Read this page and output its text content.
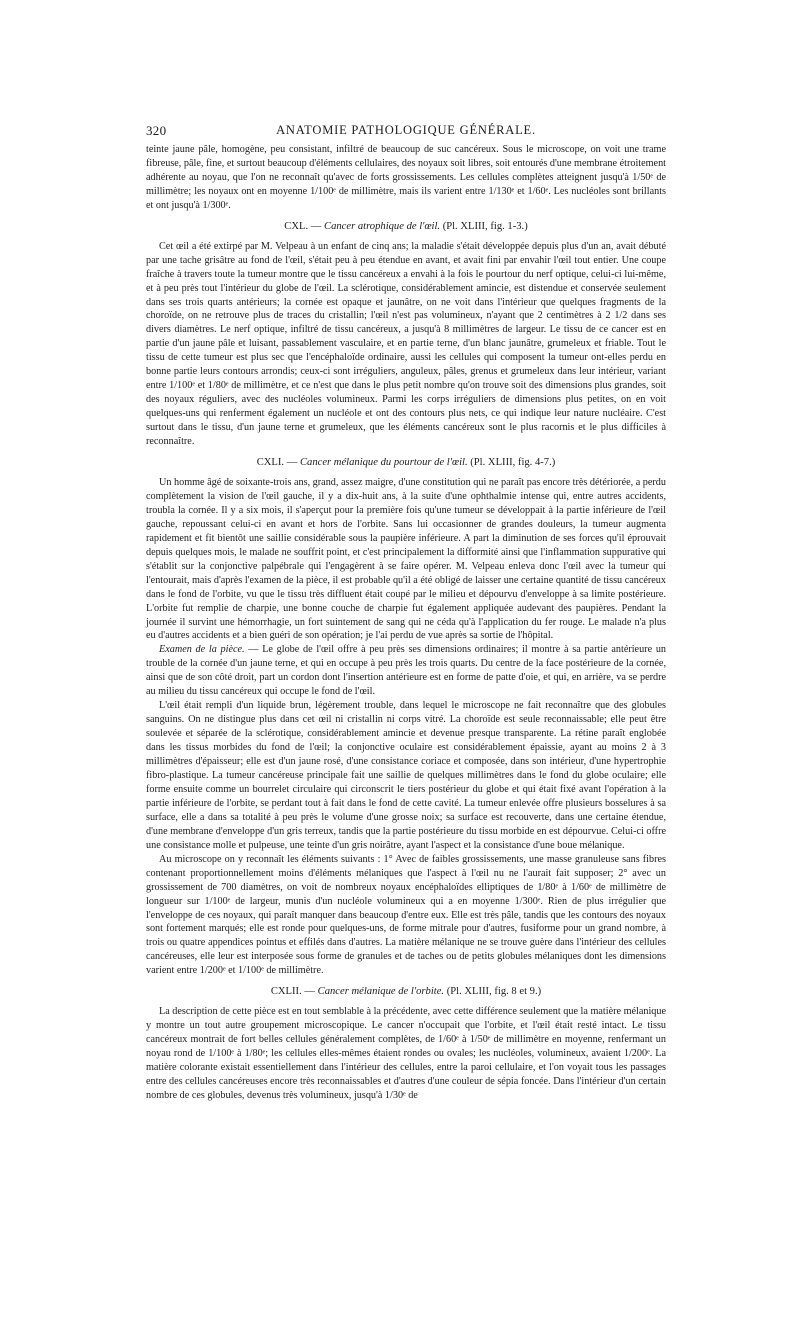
320	ANATOMIE PATHOLOGIQUE GÉNÉRALE.

teinte jaune pâle, homogène, peu consistant, infiltré de beaucoup de suc cancéreux. Sous le microscope, on voit une trame fibreuse, pâle, fine, et surtout beaucoup d'éléments cellulaires, des noyaux soit libres, soit entourés d'une membrane étroitement adhérente au noyau, que l'on ne reconnaît qu'avec de forts grossissements. Les cellules complètes atteignent jusqu'à 1/50ᵉ de millimètre; les noyaux ont en moyenne 1/100ᵉ de millimètre, mais ils varient entre 1/130ᵉ et 1/60ᵉ. Les nucléoles sont brillants et ont jusqu'à 1/300ᵉ.

CXL. — Cancer atrophique de l'œil. (Pl. XLIII, fig. 1-3.)

Cet œil a été extirpé par M. Velpeau à un enfant de cinq ans; la maladie s'était développée depuis plus d'un an, avait débuté par une tache grisâtre au fond de l'œil, s'était peu à peu étendue en avant, et avait fini par envahir l'œil tout entier. Une coupe fraîche à travers toute la tumeur montre que le tissu cancéreux a envahi à la fois le pourtour du nerf optique, celui-ci lui-même, et à peu près tout l'intérieur du globe de l'œil. La sclérotique, considérablement amincie, est distendue et conservée seulement dans ses trois quarts antérieurs; la cornée est opaque et jaunâtre, on ne voit dans l'intérieur que quelques fragments de la choroïde, on ne retrouve plus de traces du cristallin; l'œil n'est pas volumineux, n'ayant que 2 centimètres à 2 1/2 dans ses divers diamètres. Le nerf optique, infiltré de tissu cancéreux, a jusqu'à 8 millimètres de largeur. Le tissu de ce cancer est en partie d'un jaune pâle et luisant, passablement vasculaire, et en partie terne, d'un blanc jaunâtre, grumeleux et friable. Tout le tissu de cette tumeur est plus sec que l'encéphaloïde ordinaire, aussi les cellules qui composent la tumeur ont-elles perdu en bonne partie leurs contours arrondis; ceux-ci sont irréguliers, anguleux, pâles, grenus et grumeleux dans leur intérieur, variant entre 1/100ᵉ et 1/80ᵉ de millimètre, et ce n'est que dans le plus petit nombre qu'on trouve soit des dimensions plus grandes, soit des noyaux réguliers, avec des nucléoles volumineux. Parmi les corps irréguliers de dimensions plus petites, on en voit quelques-uns qui renferment également un nucléole et ont des contours plus nets, ce qui indique leur nature nucléaire. C'est surtout dans le tissu, d'un jaune terne et grumeleux, que les éléments cancéreux sont le plus racornis et le plus difficiles à reconnaître.

CXLI. — Cancer mélanique du pourtour de l'œil. (Pl. XLIII, fig. 4-7.)

Un homme âgé de soixante-trois ans, grand, assez maigre, d'une constitution qui ne paraît pas encore très détériorée, a perdu complètement la vision de l'œil gauche, il y a dix-huit ans, à la suite d'une ophthalmie intense qui, entre autres accidents, troubla la cornée. Il y a six mois, il s'aperçut pour la première fois qu'une tumeur se développait à la partie inférieure de l'œil gauche, repoussant celui-ci en avant et hors de l'orbite. Sans lui occasionner de grandes douleurs, la tumeur augmenta rapidement et fit bientôt une saillie considérable sous la paupière inférieure. A part la diminution de ses forces qu'il éprouvait depuis quelques mois, le malade ne souffrit point, et c'est principalement la difformité ainsi que l'inflammation suppurative qui s'établit sur la conjonctive palpébrale qui l'engagèrent à se faire opérer. M. Velpeau enleva donc l'œil avec la tumeur qui l'entourait, mais d'après l'examen de la pièce, il est probable qu'il a été obligé de laisser une certaine quantité de tissu cancéreux dans le fond de l'orbite, vu que le tissu très diffluent était coupé par le milieu et dépourvu d'enveloppe à sa limite postérieure. L'orbite fut remplie de charpie, une bonne couche de charpie fut également appliquée audevant des paupières. Pendant la journée il survint une hémorrhagie, un fort suintement de sang qui ne céda qu'à l'application du fer rouge. Le malade n'a plus eu d'autres accidents et a bien guéri de son opération; je l'ai perdu de vue après sa sortie de l'hôpital.

Examen de la pièce. — Le globe de l'œil offre à peu près ses dimensions ordinaires; il montre à sa partie antérieure un trouble de la cornée d'un jaune terne, et qui en occupe à peu près les trois quarts. Du centre de la face postérieure de la cornée, ainsi que de son côté droit, part un cordon dont l'insertion antérieure est en forme de patte d'oie, et qui, en arrière, va se perdre au milieu du tissu cancéreux qui occupe le fond de l'œil.

L'œil était rempli d'un liquide brun, légèrement trouble, dans lequel le microscope ne fait reconnaître que des globules sanguins. On ne distingue plus dans cet œil ni cristallin ni corps vitré. La choroïde est seule reconnaissable; elle peut être soulevée et séparée de la sclérotique, considérablement amincie et devenue presque transparente. La rétine paraît englobée dans les tissus morbides du fond de l'œil; la conjonctive oculaire est considérablement épaissie, ayant au moins 2 à 3 millimètres d'épaisseur; elle est d'un jaune rosé, d'une consistance coriace et composée, dans son intérieur, d'une hypertrophie fibro-plastique. La tumeur cancéreuse principale fait une saillie de quelques millimètres dans le fond du globe oculaire; elle forme ensuite comme un bourrelet circulaire qui circonscrit le tiers postérieur du globe et qui était fixé avant l'opération à la partie inférieure de l'orbite, se perdant tout à fait dans le fond de cette cavité. La tumeur enlevée offre plusieurs bosselures à sa surface, elle a dans sa totalité à peu près le volume d'une grosse noix; sa surface est recouverte, dans une certaine étendue, d'une membrane d'enveloppe d'un gris terreux, tandis que la partie postérieure du tissu morbide en est dépourvue. Celui-ci offre une consistance molle et pulpeuse, une teinte d'un gris noirâtre, ayant l'aspect et la consistance d'une boue mélanique.

Au microscope on y reconnaît les éléments suivants : 1° Avec de faibles grossissements, une masse granuleuse sans fibres contenant proportionnellement moins d'éléments mélaniques que l'aspect à l'œil nu ne l'aurait fait supposer; 2° avec un grossissement de 700 diamètres, on voit de nombreux noyaux encéphaloïdes elliptiques de 1/80ᵉ à 1/60ᵉ de millimètre de longueur sur 1/100ᵉ de largeur, munis d'un nucléole volumineux qui a en moyenne 1/300ᵉ. Rien de plus irrégulier que l'enveloppe de ces noyaux, qui paraît manquer dans beaucoup d'entre eux. Elle est très pâle, tandis que les contours des noyaux sont fortement marqués; elle est ronde pour quelques-uns, de forme mitrale pour d'autres, fusiforme pour un grand nombre, à trois ou quatre appendices pointus et effilés dans d'autres. La matière mélanique ne se trouve guère dans l'intérieur des cellules cancéreuses, elle leur est interposée sous forme de granules et de taches ou de petits globules mélaniques dont les dimensions varient entre 1/200ᵉ et 1/100ᵉ de millimètre.

CXLII. — Cancer mélanique de l'orbite. (Pl. XLIII, fig. 8 et 9.)

La description de cette pièce est en tout semblable à la précédente, avec cette différence seulement que la matière mélanique y montre un tout autre groupement microscopique. Le cancer n'occupait que l'orbite, et l'œil était resté intact. Le tissu cancéreux montrait de fort belles cellules généralement complètes, de 1/60ᵉ à 1/50ᵉ de millimètre en moyenne, renfermant un noyau rond de 1/100ᵉ à 1/80ᵉ; les cellules elles-mêmes étaient rondes ou ovales; les nucléoles, volumineux, avaient 1/200ᵉ. La matière colorante existait essentiellement dans l'intérieur des cellules, entre la paroi cellulaire, et l'on voyait tous les passages entre des cellules cancéreuses encore très reconnaissables et d'autres d'une couleur de sépia foncée. Dans l'intérieur d'un certain nombre de ces globules, devenus très volumineux, jusqu'à 1/30ᵉ de
